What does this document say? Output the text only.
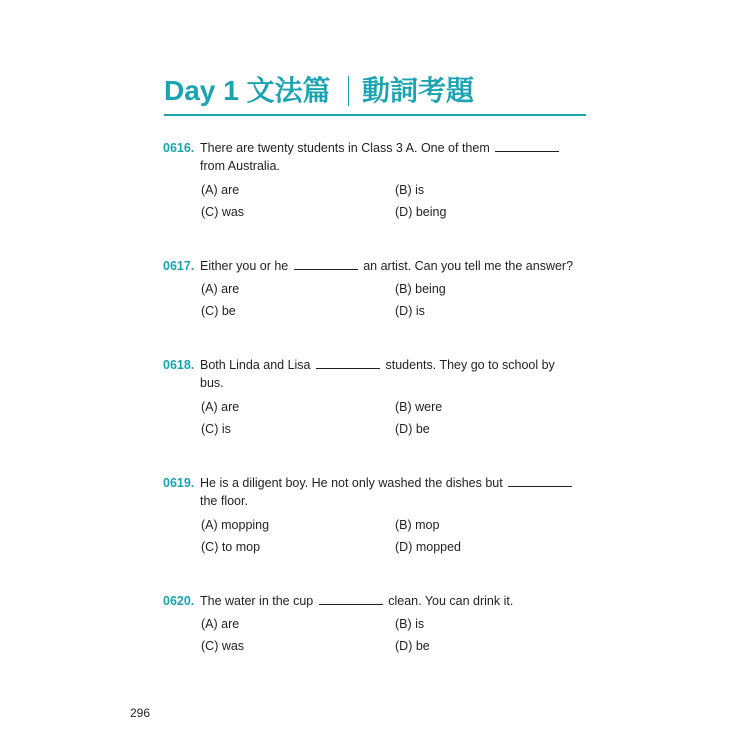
Day 1 文法篇 動詞考題
0616. There are twenty students in Class 3 A. One of them
from Australia.
(A) are	(B) is
(C) was	(D) being
0617. Either you or he	an artist. Can you tell me the answer?
(A) are	(B) being
(C) be	(D) is
0618. Both Linda and Lisa	students. They go to school by
bus.
(A) are	(B) were
(C) is	(D) be
0619. He is a diligent boy. He not only washed the dishes but
the floor.
(A) mopping	(B) mop
(C) to mop	(D) mopped
0620. The water in the cup	clean. You can drink it.
(A) are	(B) is
(C) was	(D) be
296
